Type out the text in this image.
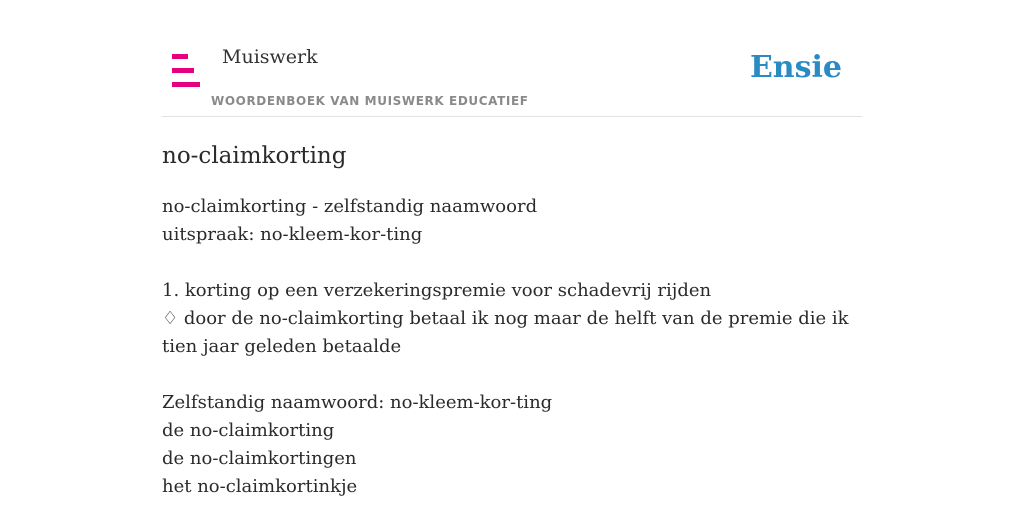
Muiswerk
WOORDENBOEK VAN MUISWERK EDUCATIEF
Ensie
no-claimkorting
no-claimkorting - zelfstandig naamwoord
uitspraak: no-kleem-kor-ting
1. korting op een verzekeringspremie voor schadevrij rijden
♢ door de no-claimkorting betaal ik nog maar de helft van de premie die ik tien jaar geleden betaalde
Zelfstandig naamwoord: no-kleem-kor-ting
de no-claimkorting
de no-claimkortingen
het no-claimkortinkje
